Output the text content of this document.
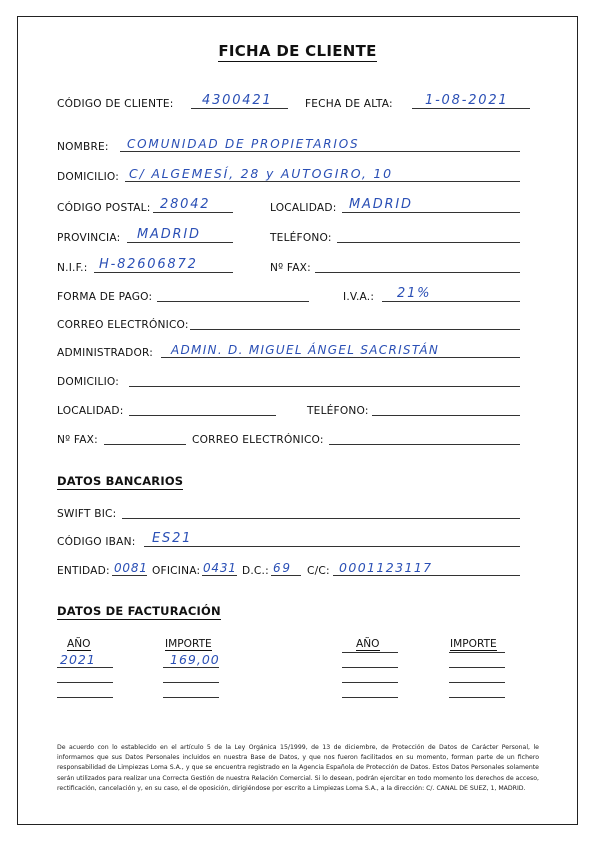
FICHA DE CLIENTE
CÓDIGO DE CLIENTE: 4300421	FECHA DE ALTA: 1-08-2021
NOMBRE: COMUNIDAD DE PROPIETARIOS
DOMICILIO: C/ ALGEMESÍ, 28 y AUTOGIRO, 10
CÓDIGO POSTAL: 28042	LOCALIDAD: MADRID
PROVINCIA: MADRID	TELÉFONO:
N.I.F.: H-82606872	Nº FAX:
FORMA DE PAGO:	I.V.A.: 21%
CORREO ELECTRÓNICO:
ADMINISTRADOR: ADMIN. D. MIGUEL ÁNGEL SACRISTÁN
DOMICILIO:
LOCALIDAD:	TELÉFONO:
Nº FAX:	CORREO ELECTRÓNICO:
DATOS BANCARIOS
SWIFT BIC:
CÓDIGO IBAN: ES21
ENTIDAD: 0081 OFICINA: 0431 D.C.: 69 C/C: 0001123117
DATOS DE FACTURACIÓN
AÑO	IMPORTE	AÑO	IMPORTE
2021	169,00
De acuerdo con lo establecido en el artículo 5 de la Ley Orgánica 15/1999, de 13 de diciembre, de Protección de Datos de Carácter Personal, le informamos que sus Datos Personales incluidos en nuestra Base de Datos, y que nos fueron facilitados en su momento, forman parte de un fichero responsabilidad de Limpiezas Loma S.A., y que se encuentra registrado en la Agencia Española de Protección de Datos. Estos Datos Personales solamente serán utilizados para realizar una Correcta Gestión de nuestra Relación Comercial. Si lo desean, podrán ejercitar en todo momento los derechos de acceso, rectificación, cancelación y, en su caso, el de oposición, dirigiéndose por escrito a Limpiezas Loma S.A., a la dirección: C/. CANAL DE SUEZ, 1, MADRID.
